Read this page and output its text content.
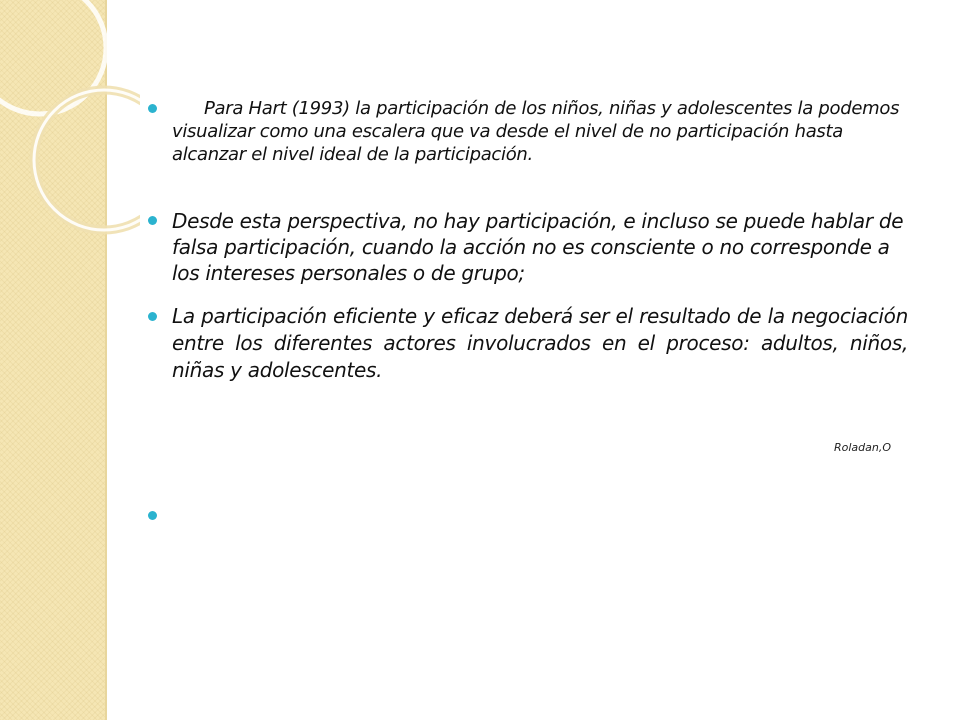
Para Hart (1993) la participación de los niños, niñas y adolescentes la podemos visualizar como una escalera que va desde el nivel de no participación hasta alcanzar el nivel ideal de la participación.
Desde esta perspectiva, no hay participación, e incluso se puede hablar de falsa participación, cuando la acción no es consciente o no corresponde a los intereses personales o de grupo;
La participación eficiente y eficaz deberá ser el resultado de la negociación entre los diferentes actores involucrados en el proceso: adultos, niños, niñas y adolescentes.
Roladan,O
